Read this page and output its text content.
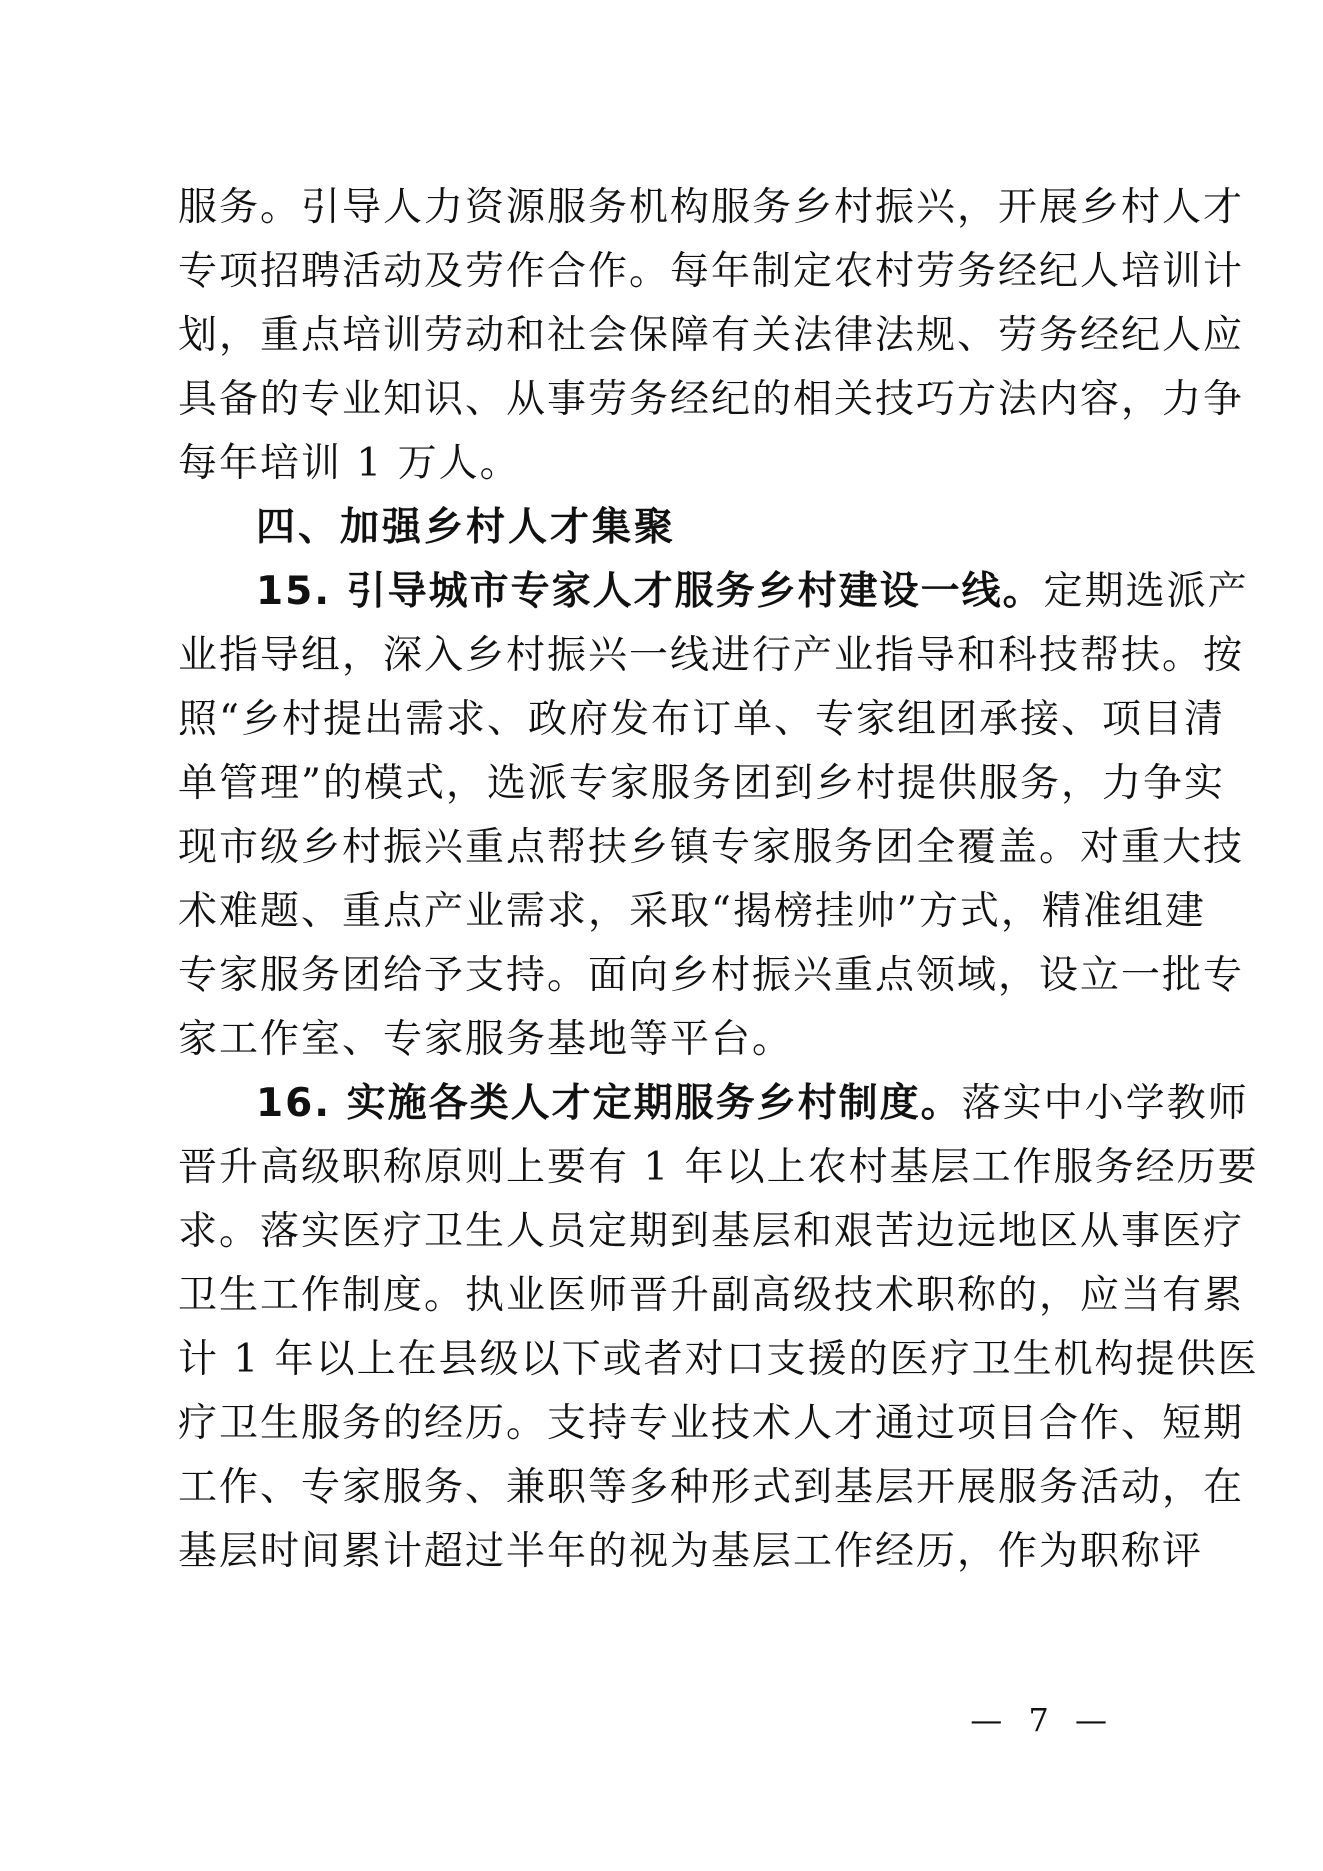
服务。引导人力资源服务机构服务乡村振兴，开展乡村人才
专项招聘活动及劳作合作。每年制定农村劳务经纪人培训计
划，重点培训劳动和社会保障有关法律法规、劳务经纪人应
具备的专业知识、从事劳务经纪的相关技巧方法内容，力争
每年培训 1 万人。
四、加强乡村人才集聚
15. 引导城市专家人才服务乡村建设一线。定期选派产
业指导组，深入乡村振兴一线进行产业指导和科技帮扶。按
照“乡村提出需求、政府发布订单、专家组团承接、项目清
单管理”的模式，选派专家服务团到乡村提供服务，力争实
现市级乡村振兴重点帮扶乡镇专家服务团全覆盖。对重大技
术难题、重点产业需求，采取“揭榜挂帅”方式，精准组建
专家服务团给予支持。面向乡村振兴重点领域，设立一批专
家工作室、专家服务基地等平台。
16. 实施各类人才定期服务乡村制度。落实中小学教师
晋升高级职称原则上要有 1 年以上农村基层工作服务经历要
求。落实医疗卫生人员定期到基层和艰苦边远地区从事医疗
卫生工作制度。执业医师晋升副高级技术职称的，应当有累
计 1 年以上在县级以下或者对口支援的医疗卫生机构提供医
疗卫生服务的经历。支持专业技术人才通过项目合作、短期
工作、专家服务、兼职等多种形式到基层开展服务活动，在
基层时间累计超过半年的视为基层工作经历，作为职称评
— 7 —
